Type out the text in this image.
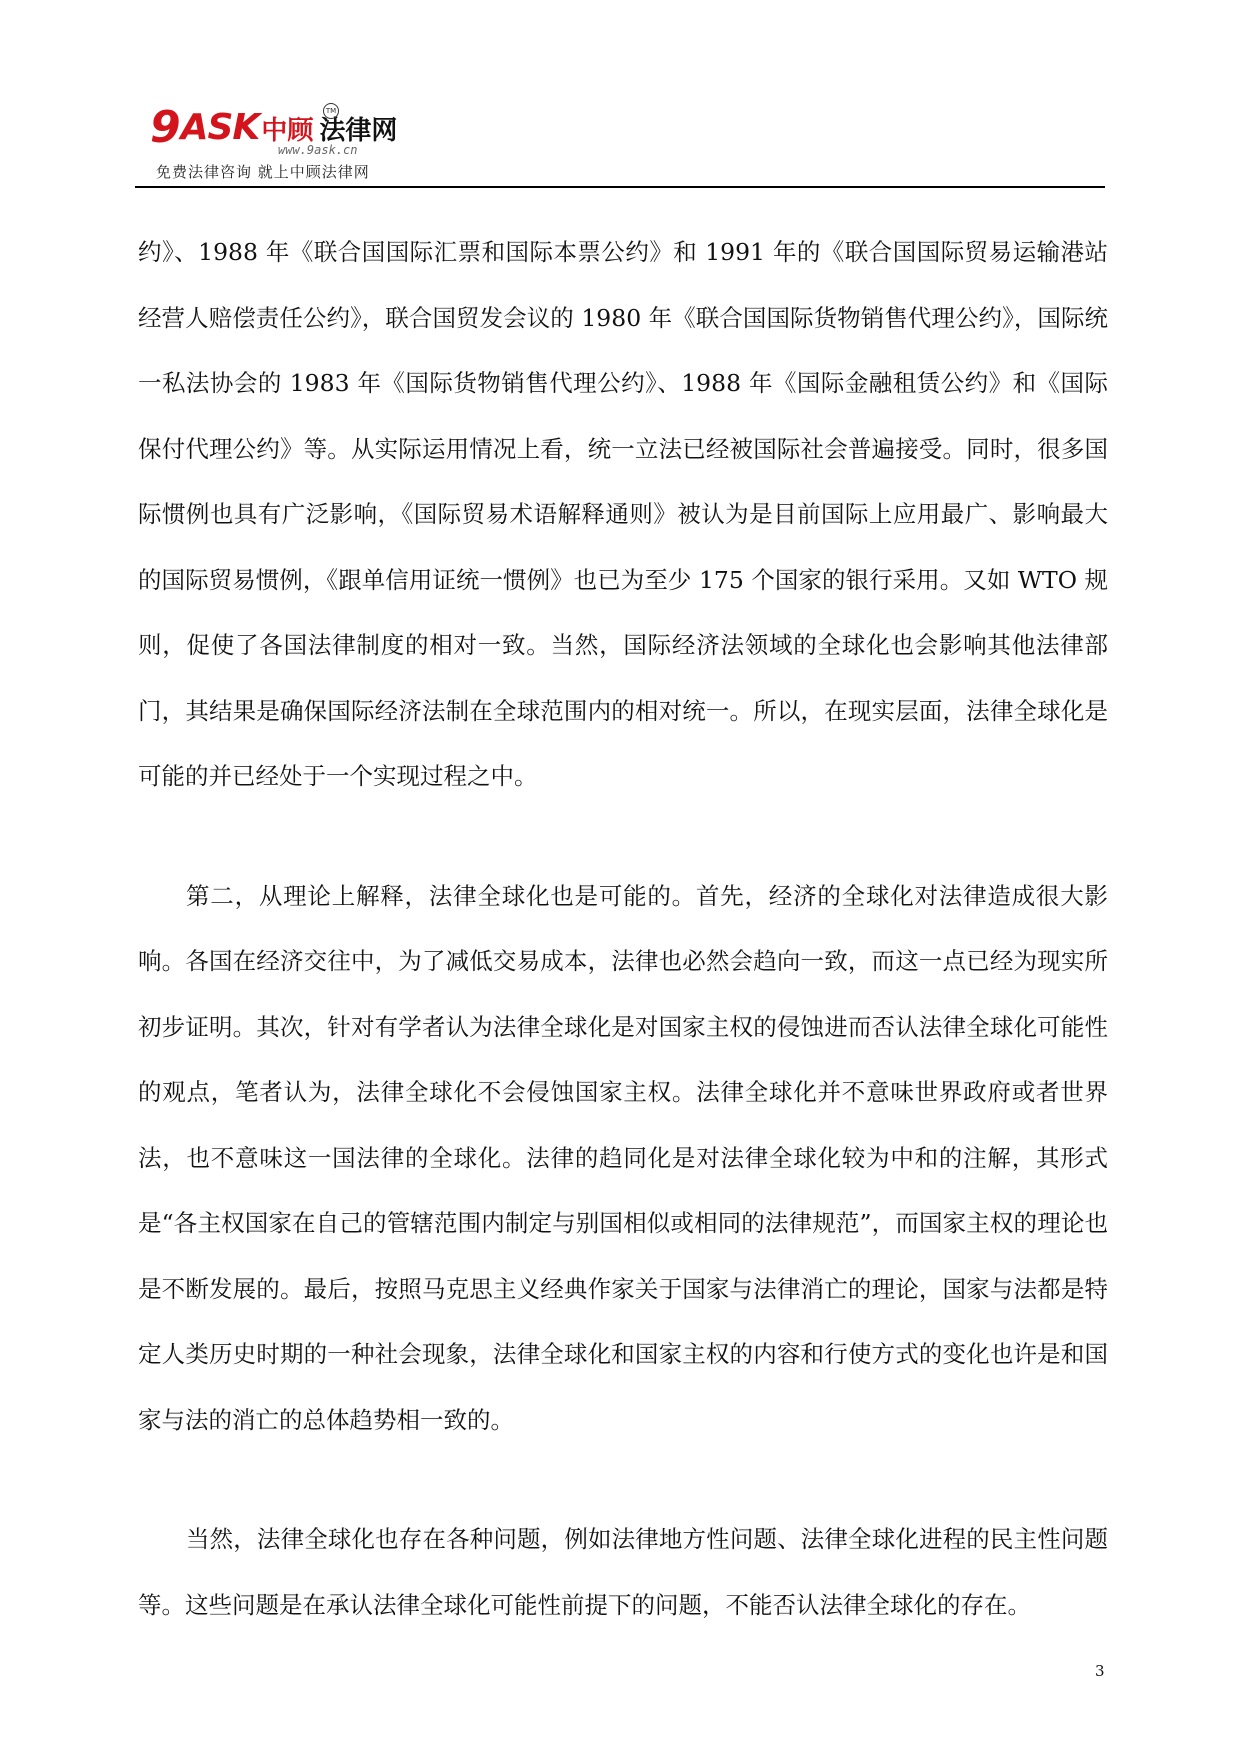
9 ASK 中顾 法律网
TM
www.9ask.cn
免费法律咨询 就上中顾法律网

约》、1988 年《联合国国际汇票和国际本票公约》和 1991 年的《联合国国际贸易运输港站经营人赔偿责任公约》，联合国贸发会议的 1980 年《联合国国际货物销售代理公约》，国际统一私法协会的 1983 年《国际货物销售代理公约》、1988 年《国际金融租赁公约》和《国际保付代理公约》等。从实际运用情况上看，统一立法已经被国际社会普遍接受。同时，很多国际惯例也具有广泛影响，《国际贸易术语解释通则》被认为是目前国际上应用最广、影响最大的国际贸易惯例，《跟单信用证统一惯例》也已为至少 175 个国家的银行采用。又如 WTO 规则，促使了各国法律制度的相对一致。当然，国际经济法领域的全球化也会影响其他法律部门，其结果是确保国际经济法制在全球范围内的相对统一。所以，在现实层面，法律全球化是可能的并已经处于一个实现过程之中。

第二，从理论上解释，法律全球化也是可能的。首先，经济的全球化对法律造成很大影响。各国在经济交往中，为了减低交易成本，法律也必然会趋向一致，而这一点已经为现实所初步证明。其次，针对有学者认为法律全球化是对国家主权的侵蚀进而否认法律全球化可能性的观点，笔者认为，法律全球化不会侵蚀国家主权。法律全球化并不意味世界政府或者世界法，也不意味这一国法律的全球化。法律的趋同化是对法律全球化较为中和的注解，其形式是“各主权国家在自己的管辖范围内制定与别国相似或相同的法律规范”，而国家主权的理论也是不断发展的。最后，按照马克思主义经典作家关于国家与法律消亡的理论，国家与法都是特定人类历史时期的一种社会现象，法律全球化和国家主权的内容和行使方式的变化也许是和国家与法的消亡的总体趋势相一致的。

当然，法律全球化也存在各种问题，例如法律地方性问题、法律全球化进程的民主性问题等。这些问题是在承认法律全球化可能性前提下的问题，不能否认法律全球化的存在。

3
